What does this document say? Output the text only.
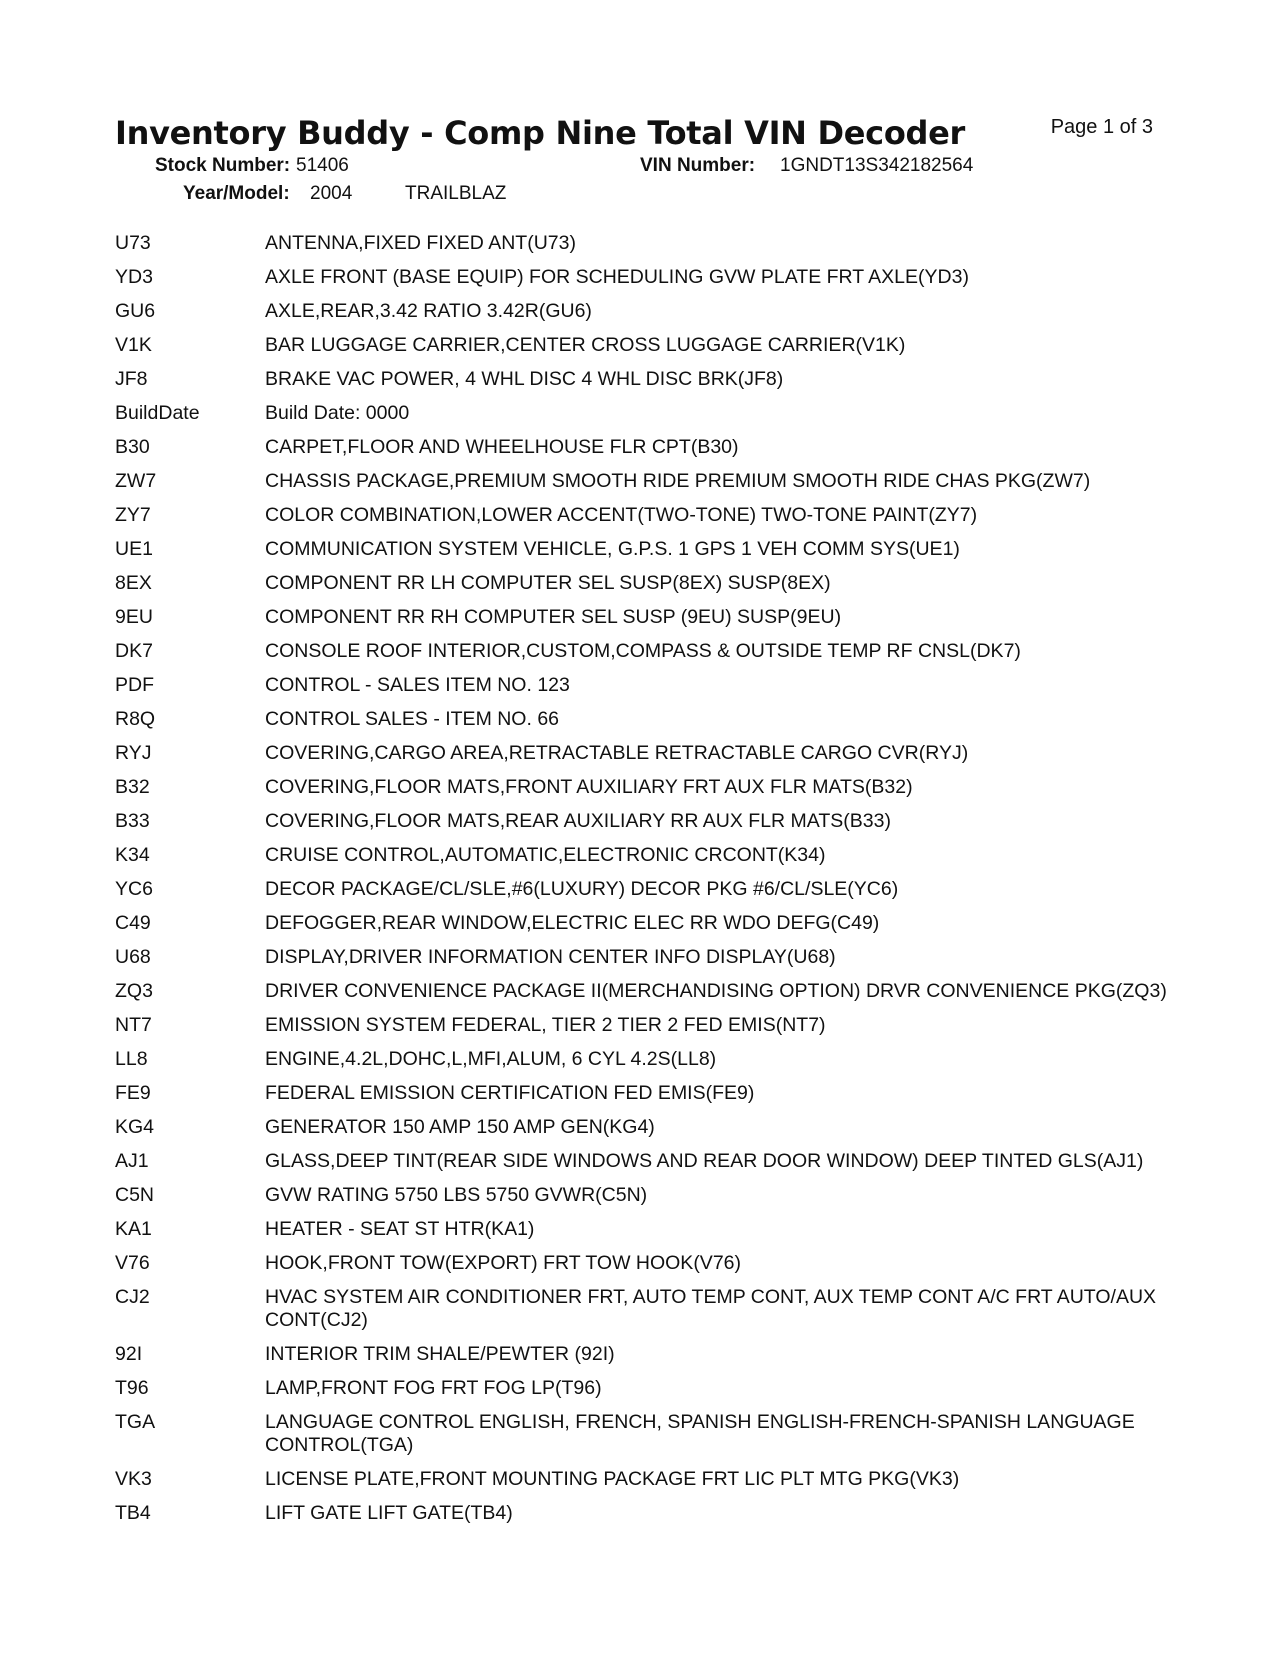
Inventory Buddy - Comp Nine Total VIN Decoder	Page 1 of 3
Stock Number: 51406	VIN Number: 1GNDT13S342182564
Year/Model: 2004	TRAILBLAZ
U73	ANTENNA,FIXED FIXED ANT(U73)
YD3	AXLE FRONT (BASE EQUIP) FOR SCHEDULING GVW PLATE FRT AXLE(YD3)
GU6	AXLE,REAR,3.42 RATIO 3.42R(GU6)
V1K	BAR LUGGAGE CARRIER,CENTER CROSS LUGGAGE CARRIER(V1K)
JF8	BRAKE VAC POWER, 4 WHL DISC 4 WHL DISC BRK(JF8)
BuildDate	Build Date: 0000
B30	CARPET,FLOOR AND WHEELHOUSE FLR CPT(B30)
ZW7	CHASSIS PACKAGE,PREMIUM SMOOTH RIDE PREMIUM SMOOTH RIDE CHAS PKG(ZW7)
ZY7	COLOR COMBINATION,LOWER ACCENT(TWO-TONE) TWO-TONE PAINT(ZY7)
UE1	COMMUNICATION SYSTEM VEHICLE, G.P.S. 1 GPS 1 VEH COMM SYS(UE1)
8EX	COMPONENT RR LH COMPUTER SEL SUSP(8EX) SUSP(8EX)
9EU	COMPONENT RR RH COMPUTER SEL SUSP (9EU) SUSP(9EU)
DK7	CONSOLE ROOF INTERIOR,CUSTOM,COMPASS & OUTSIDE TEMP RF CNSL(DK7)
PDF	CONTROL - SALES ITEM NO. 123
R8Q	CONTROL SALES - ITEM NO. 66
RYJ	COVERING,CARGO AREA,RETRACTABLE RETRACTABLE CARGO CVR(RYJ)
B32	COVERING,FLOOR MATS,FRONT AUXILIARY FRT AUX FLR MATS(B32)
B33	COVERING,FLOOR MATS,REAR AUXILIARY RR AUX FLR MATS(B33)
K34	CRUISE CONTROL,AUTOMATIC,ELECTRONIC CRCONT(K34)
YC6	DECOR PACKAGE/CL/SLE,#6(LUXURY) DECOR PKG #6/CL/SLE(YC6)
C49	DEFOGGER,REAR WINDOW,ELECTRIC ELEC RR WDO DEFG(C49)
U68	DISPLAY,DRIVER INFORMATION CENTER INFO DISPLAY(U68)
ZQ3	DRIVER CONVENIENCE PACKAGE II(MERCHANDISING OPTION) DRVR CONVENIENCE PKG(ZQ3)
NT7	EMISSION SYSTEM FEDERAL, TIER 2 TIER 2 FED EMIS(NT7)
LL8	ENGINE,4.2L,DOHC,L,MFI,ALUM, 6 CYL 4.2S(LL8)
FE9	FEDERAL EMISSION CERTIFICATION FED EMIS(FE9)
KG4	GENERATOR 150 AMP 150 AMP GEN(KG4)
AJ1	GLASS,DEEP TINT(REAR SIDE WINDOWS AND REAR DOOR WINDOW) DEEP TINTED GLS(AJ1)
C5N	GVW RATING 5750 LBS 5750 GVWR(C5N)
KA1	HEATER - SEAT ST HTR(KA1)
V76	HOOK,FRONT TOW(EXPORT) FRT TOW HOOK(V76)
CJ2	HVAC SYSTEM AIR CONDITIONER FRT, AUTO TEMP CONT, AUX TEMP CONT A/C FRT AUTO/AUX CONT(CJ2)
92I	INTERIOR TRIM SHALE/PEWTER (92I)
T96	LAMP,FRONT FOG FRT FOG LP(T96)
TGA	LANGUAGE CONTROL ENGLISH, FRENCH, SPANISH ENGLISH-FRENCH-SPANISH LANGUAGE CONTROL(TGA)
VK3	LICENSE PLATE,FRONT MOUNTING PACKAGE FRT LIC PLT MTG PKG(VK3)
TB4	LIFT GATE LIFT GATE(TB4)
